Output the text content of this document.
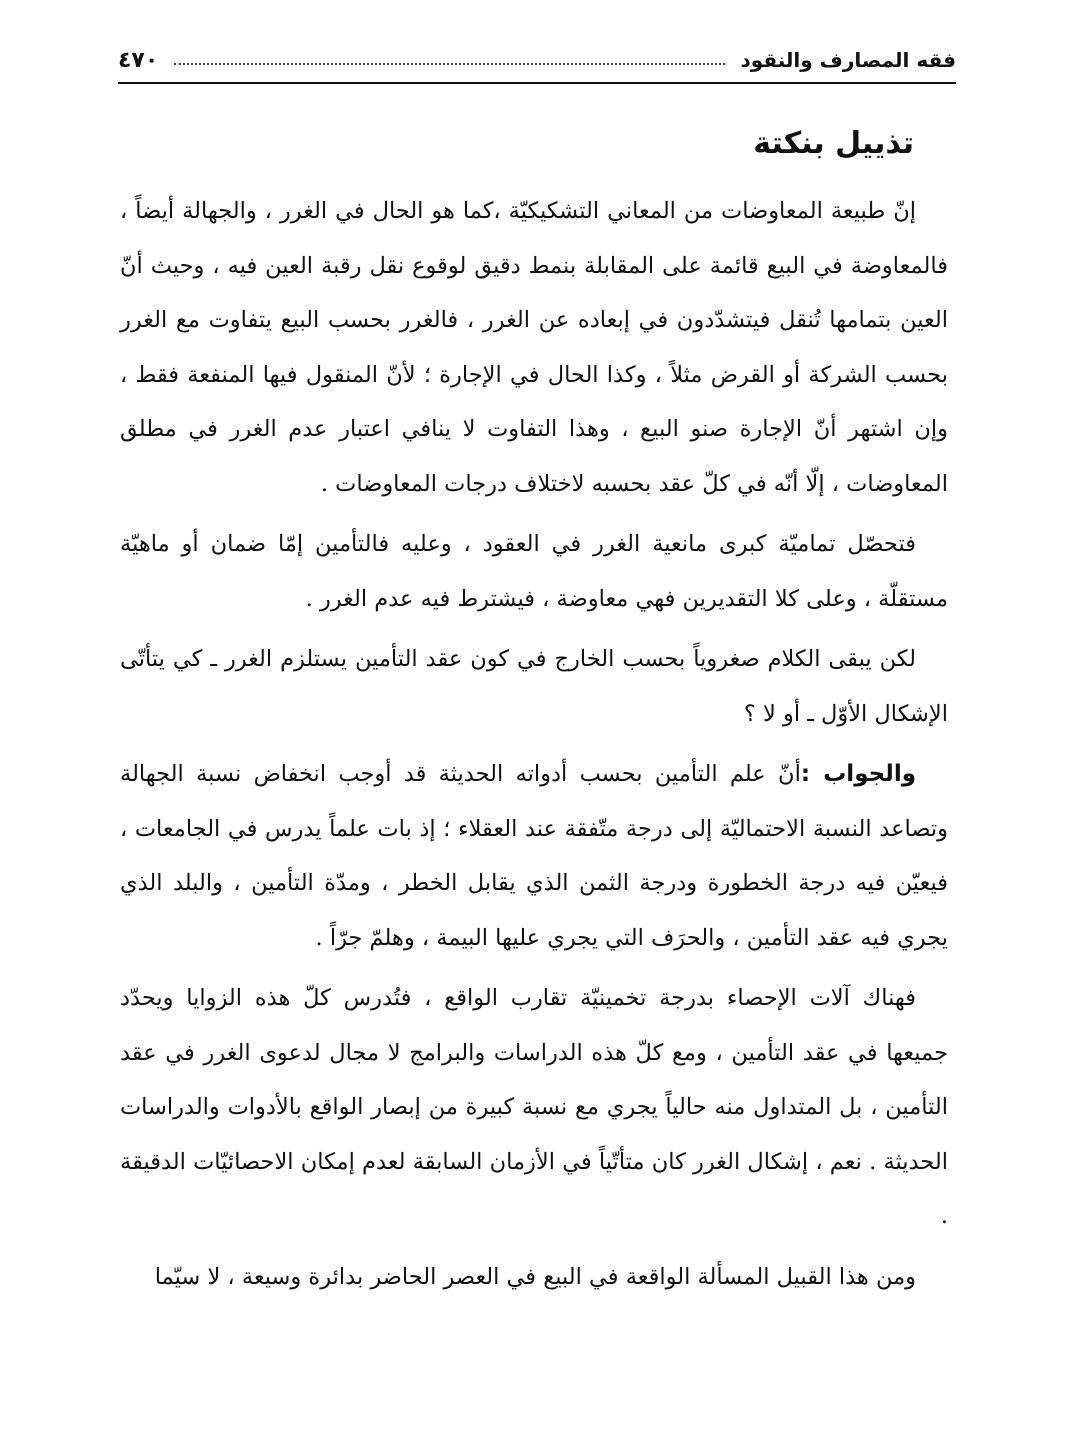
فقه المصارف والنقود
٤٧٠
تذييل بنكتة

إنّ طبيعة المعاوضات من المعاني التشكيكيّة ،كما هو الحال في الغرر ، والجهالة أيضاً ، فالمعاوضة في البيع قائمة على المقابلة بنمط دقيق لوقوع نقل رقبة العين فيه ، وحيث أنّ العين بتمامها تُنقل فيتشدّدون في إبعاده عن الغرر ، فالغرر بحسب البيع يتفاوت مع الغرر بحسب الشركة أو القرض مثلاً ، وكذا الحال في الإجارة ؛ لأنّ المنقول فيها المنفعة فقط ، وإن اشتهر أنّ الإجارة صنو البيع ، وهذا التفاوت لا ينافي اعتبار عدم الغرر في مطلق المعاوضات ، إلّا أنّه في كلّ عقد بحسبه لاختلاف درجات المعاوضات .

فتحصّل تماميّة كبرى مانعية الغرر في العقود ، وعليه فالتأمين إمّا ضمان أو ماهيّة مستقلّة ، وعلى كلا التقديرين فهي معاوضة ، فيشترط فيه عدم الغرر .

لكن يبقى الكلام صغروياً بحسب الخارج في كون عقد التأمين يستلزم الغرر ـ كي يتأتّى الإشكال الأوّل ـ أو لا ؟

والجواب :أنّ علم التأمين بحسب أدواته الحديثة قد أوجب انخفاض نسبة الجهالة وتصاعد النسبة الاحتماليّة إلى درجة متّفقة عند العقلاء ؛ إذ بات علماً يدرس في الجامعات ، فيعيّن فيه درجة الخطورة ودرجة الثمن الذي يقابل الخطر ، ومدّة التأمين ، والبلد الذي يجري فيه عقد التأمين ، والحرَف التي يجري عليها البيمة ، وهلمّ جرّاً .

فهناك آلات الإحصاء بدرجة تخمينيّة تقارب الواقع ، فتُدرس كلّ هذه الزوايا ويحدّد جميعها في عقد التأمين ، ومع كلّ هذه الدراسات والبرامج لا مجال لدعوى الغرر في عقد التأمين ، بل المتداول منه حالياً يجري مع نسبة كبيرة من إبصار الواقع بالأدوات والدراسات الحديثة . نعم ، إشكال الغرر كان متأتّياً في الأزمان السابقة لعدم إمكان الاحصائيّات الدقيقة .

ومن هذا القبيل المسألة الواقعة في البيع في العصر الحاضر بدائرة وسيعة ، لا سيّما
